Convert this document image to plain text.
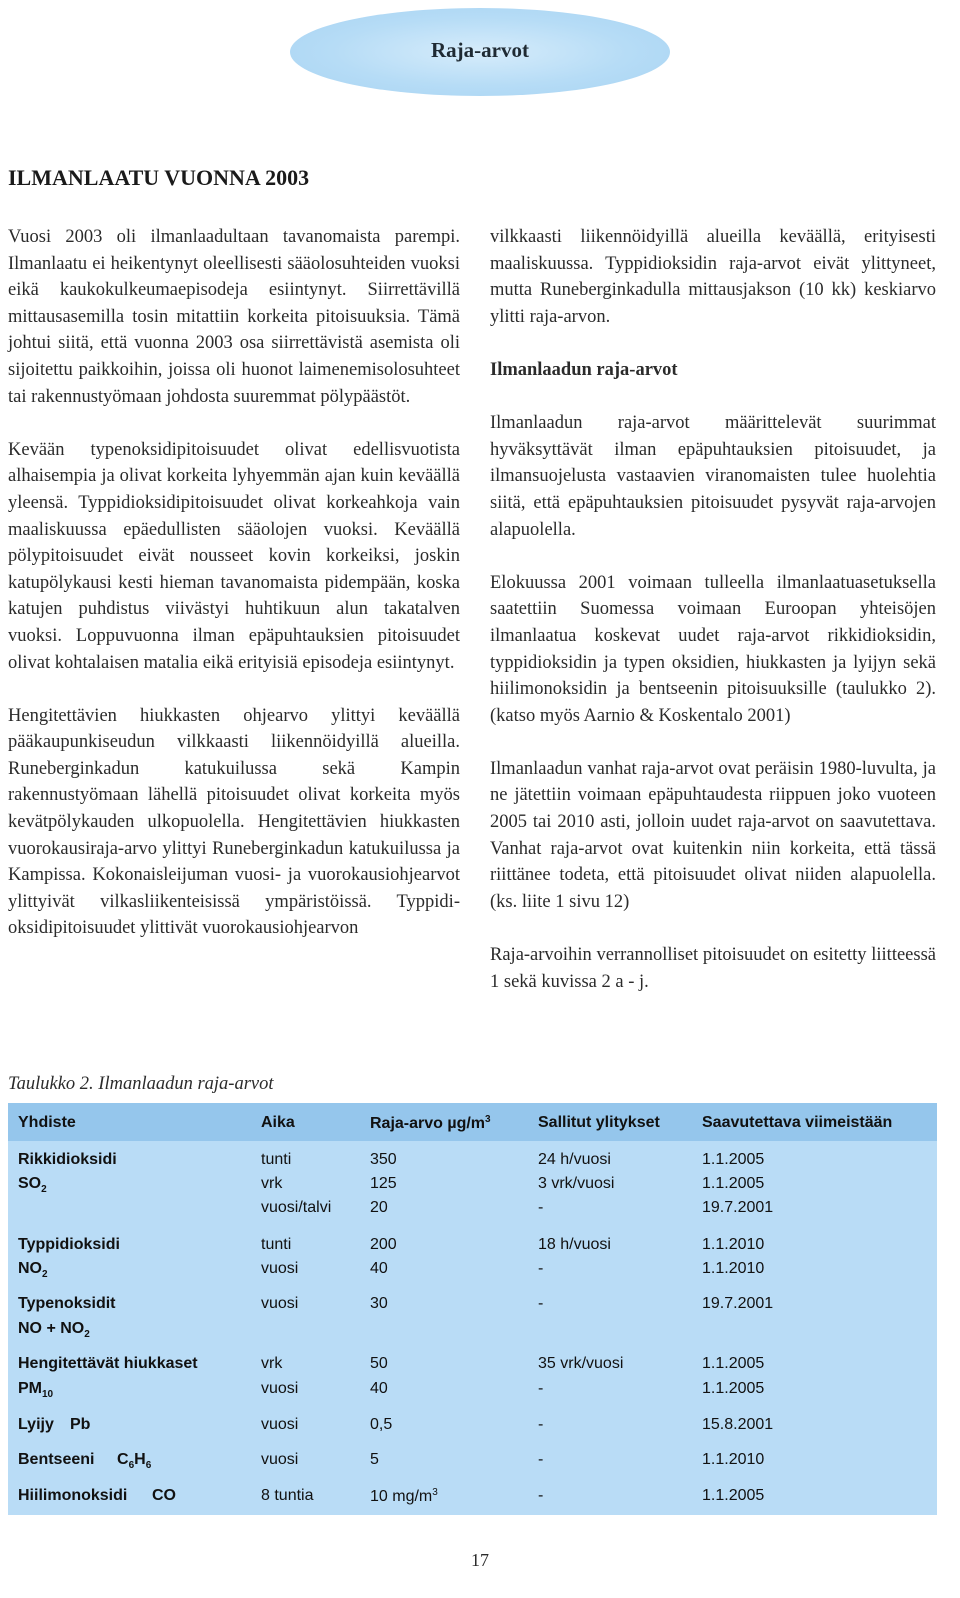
Raja-arvot
ILMANLAATU VUONNA 2003

Vuosi 2003 oli ilmanlaadultaan tavanomaista parempi. Ilmanlaatu ei heikentynyt oleellisesti sääolosuhteiden vuoksi eikä kaukokulkeumaepisodeja esiintynyt. Siirrettävillä mittausasemilla tosin mitattiin korkeita pitoisuuksia. Tämä johtui siitä, että vuonna 2003 osa siirrettävistä asemista oli sijoitettu paikkoihin, joissa oli huonot laimenemisolosuhteet tai rakennustyömaan johdosta suuremmat pölypäästöt.

Kevään typenoksidipitoisuudet olivat edellisvuotista alhaisempia ja olivat korkeita lyhyemmän ajan kuin keväällä yleensä. Typpidioksidipitoisuudet olivat korkeahkoja vain maaliskuussa epäedullisten sääolojen vuoksi. Keväällä pölypitoisuudet eivät nousseet kovin korkeiksi, joskin katupölykausi kesti hieman tavanomaista pidempään, koska katujen puhdistus viivästyi huhtikuun alun takatalven vuoksi. Loppuvuonna ilman epäpuhtauksien pitoisuudet olivat kohtalaisen matalia eikä erityisiä episodeja esiintynyt.

Hengitettävien hiukkasten ohjearvo ylittyi keväällä pääkaupunkiseudun vilkkaasti liikennöidyillä alueilla. Runeberginkadun katukuilussa sekä Kampin rakennustyömaan lähellä pitoisuudet olivat korkeita myös kevätpölykauden ulkopuolella. Hengitettävien hiukkasten vuorokausiraja-arvo ylittyi Runeberginkadun katukuilussa ja Kampissa. Kokonaisleijuman vuosi- ja vuorokausiohjearvot ylittyivät vilkasliikenteisissä ympäristöissä. Typpidioksidipitoisuudet ylittivät vuorokausiohjearvon

vilkkaasti liikennöidyillä alueilla keväällä, erityisesti maaliskuussa. Typpidioksidin raja-arvot eivät ylittyneet, mutta Runeberginkadulla mittausjakson (10 kk) keskiarvo ylitti raja-arvon.

Ilmanlaadun raja-arvot

Ilmanlaadun raja-arvot määrittelevät suurimmat hyväksyttävät ilman epäpuhtauksien pitoisuudet, ja ilmansuojelusta vastaavien viranomaisten tulee huolehtia siitä, että epäpuhtauksien pitoisuudet pysyvät raja-arvojen alapuolella.

Elokuussa 2001 voimaan tulleella ilmanlaatuasetuksella saatettiin Suomessa voimaan Euroopan yhteisöjen ilmanlaatua koskevat uudet raja-arvot rikkidioksidin, typpidioksidin ja typen oksidien, hiukkasten ja lyijyn sekä hiilimonoksidin ja bentseenin pitoisuuksille (taulukko 2). (katso myös Aarnio & Koskentalo 2001)

Ilmanlaadun vanhat raja-arvot ovat peräisin 1980-luvulta, ja ne jätettiin voimaan epäpuhtaudesta riippuen joko vuoteen 2005 tai 2010 asti, jolloin uudet raja-arvot on saavutettava. Vanhat raja-arvot ovat kuitenkin niin korkeita, että tässä riittänee todeta, että pitoisuudet olivat niiden alapuolella. (ks. liite 1 sivu 12)

Raja-arvoihin verrannolliset pitoisuudet on esitetty liitteessä 1 sekä kuvissa 2 a - j.

Taulukko 2. Ilmanlaadun raja-arvot
Yhdiste	Aika	Raja-arvo $\mu g/m^3$	Sallitut ylitykset	Saavutettava viimeistään
Rikkidioksidi
$SO_2$
tunti	350	24 h/vuosi	1.1.2005
vrk	125	3 vrk/vuosi	1.1.2005
vuosi/talvi 20	-	19.7.2001
Typpidioksidi
$NO_2$
tunti	200	18 h/vuosi	1.1.2010
vuosi	40	-	1.1.2010
Typenoksidit
NO + $NO_2$
vuosi	30	-	19.7.2001
Hengitettävät hiukkaset
$PM_{10}$
vrk	50	35 vrk/vuosi	1.1.2005
vuosi	40	-	1.1.2005
Lyijy Pb	vuosi	0,5	-	15.8.2001
Bentseeni $C_6H_6$	vuosi	5	-	1.1.2010
Hiilimonoksidi CO	8 tuntia	10 $mg/m^3$	-	1.1.2005
17
